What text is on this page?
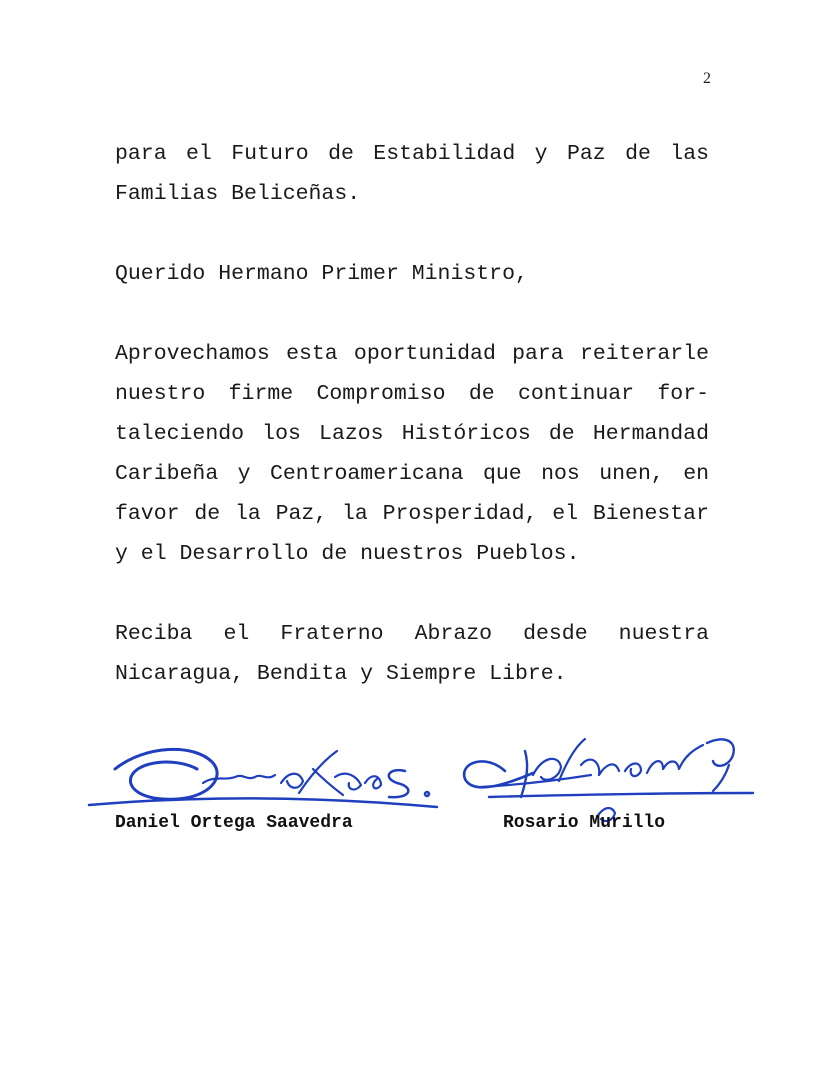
2

para el Futuro de Estabilidad y Paz de las
Familias Beliceñas.

Querido Hermano Primer Ministro,

Aprovechamos esta oportunidad para reiterarle
nuestro firme Compromiso de continuar for-
taleciendo los Lazos Históricos de Hermandad
Caribeña y Centroamericana que nos unen, en
favor de la Paz, la Prosperidad, el Bienestar
y el Desarrollo de nuestros Pueblos.

Reciba el Fraterno Abrazo desde nuestra
Nicaragua, Bendita y Siempre Libre.

Daniel Ortega Saavedra	Rosario Murillo
